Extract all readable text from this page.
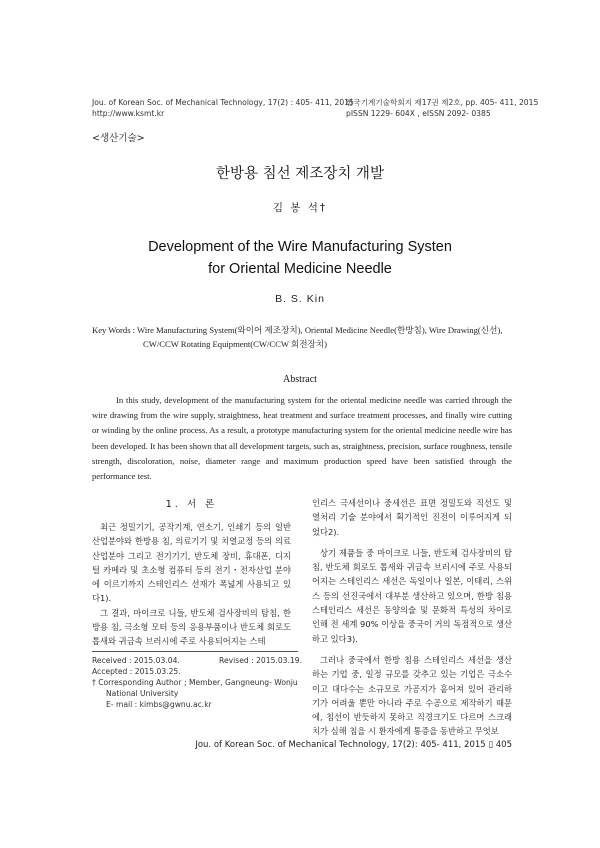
Jou. of Korean Soc. of Mechanical Technology, 17(2) : 405- 411, 2015
http://www.ksmt.kr
한국기계기술학회지 제17권 제2호, pp. 405- 411, 2015
pISSN 1229- 604X , eISSN 2092- 0385
<생산기술>
한방용 침선 제조장치 개발
김 봉 석†
Development of the Wire Manufacturing Systen
for Oriental Medicine Needle
B. S. Kin
Key Words : Wire Manufacturing System(와이어 제조장치), Oriental Medicine Needle(한방침), Wire Drawing(신선),
CW/CCW Rotating Equipment(CW/CCW 회전장치)
Abstract

In this study, development of the manufacturing system for the oriental medicine needle was carried through the wire drawing from the wire supply, straightness, heat treatment and surface treatment processes, and finally wire cutting or winding by the online process. As a result, a prototype manufacturing system for the oriental medicine needle wire has been developed. It has been shown that all development targets, such as, straightness, precision, surface roughness, tensile strength, discoloration, noise, diameter range and maximum production speed have been satisfied through the performance test.

1. 서 론

최근 정밀기기, 공작기계, 연소기, 인쇄기 등의 일반산업분야와 한방용 침, 의료기기 및 치열교정 등의 의료산업분야 그리고 전기기기, 반도체 장비, 휴대폰, 디지털 카메라 및 초소형 컴퓨터 등의 전기・전자산업 분야에 이르기까지 스테인리스 선재가 폭넓게 사용되고 있다1).

그 결과, 마이크로 니들, 반도체 검사장비의 탐침, 한방용 침, 극소형 모터 등의 응용부품이나 반도체 회로도 톱새와 귀금속 브러시에 주로 사용되어지는 스테

인리스 극세선이나 중세선은 표면 정밀도와 직선도 및 열처리 기술 분야에서 획기적인 진전이 이루어지게 되었다2).

상기 제품들 중 마이크로 니들, 반도체 검사장비의 탐침, 반도체 회로도 톱새와 귀금속 브러시에 주로 사용되어지는 스테인리스 세선은 독일이나 일본, 이태리, 스위스 등의 선진국에서 대부분 생산하고 있으며, 한방 침용 스테인리스 세선은 동양의술 및 문화적 특성의 차이로 인해 전 세계 90% 이상을 중국이 거의 독점적으로 생산하고 있다3).

그러나 중국에서 한방 침용 스테인리스 세선을 생산하는 기업 중, 일정 규모를 갖추고 있는 기업은 극소수이고 대다수는 소규모로 가공지가 흩어져 있어 관리하기가 어려울 뿐만 아니라 주로 수공으로 제작하기 때문에, 침선이 반듯하지 못하고 직경크기도 다르며 스크래치가 심해 침을 시 환자에게 통증을 동반하고 무엇보

Received : 2015.03.04.	Revised : 2015.03.19.
Accepted : 2015.03.25.
† Corresponding Author ; Member, Gangneung- Wonju
National University
E- mail : kimbs@gwnu.ac.kr
Jou. of Korean Soc. of Mechanical Technology, 17(2): 405- 411, 2015 ▯ 405
